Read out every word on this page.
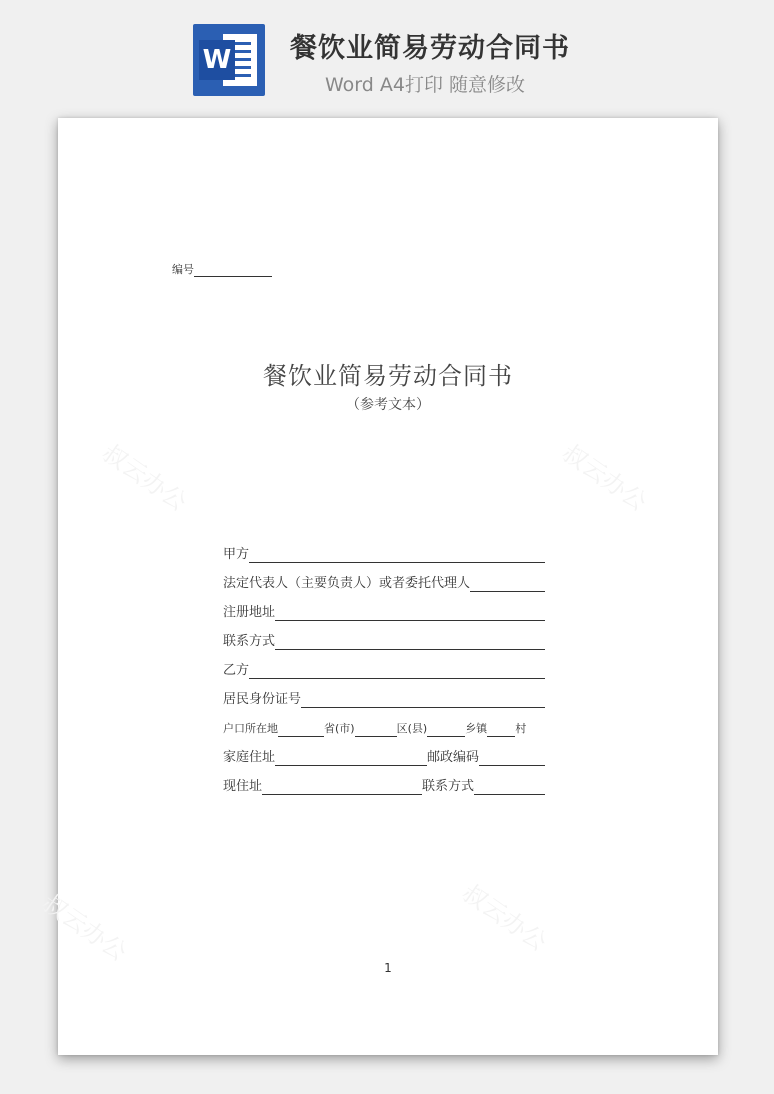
W 餐饮业简易劳动合同书
Word A4打印 随意修改
叔云办公	叔云办公
叔云办公
叔云办公
编号
餐饮业简易劳动合同书
（参考文本）
甲方
法定代表人（主要负责人）或者委托代理人
注册地址
联系方式
乙方
居民身份证号
户口所在地	省(市)	区(县)	乡镇	村
家庭住址	邮政编码
现住址	联系方式
1
